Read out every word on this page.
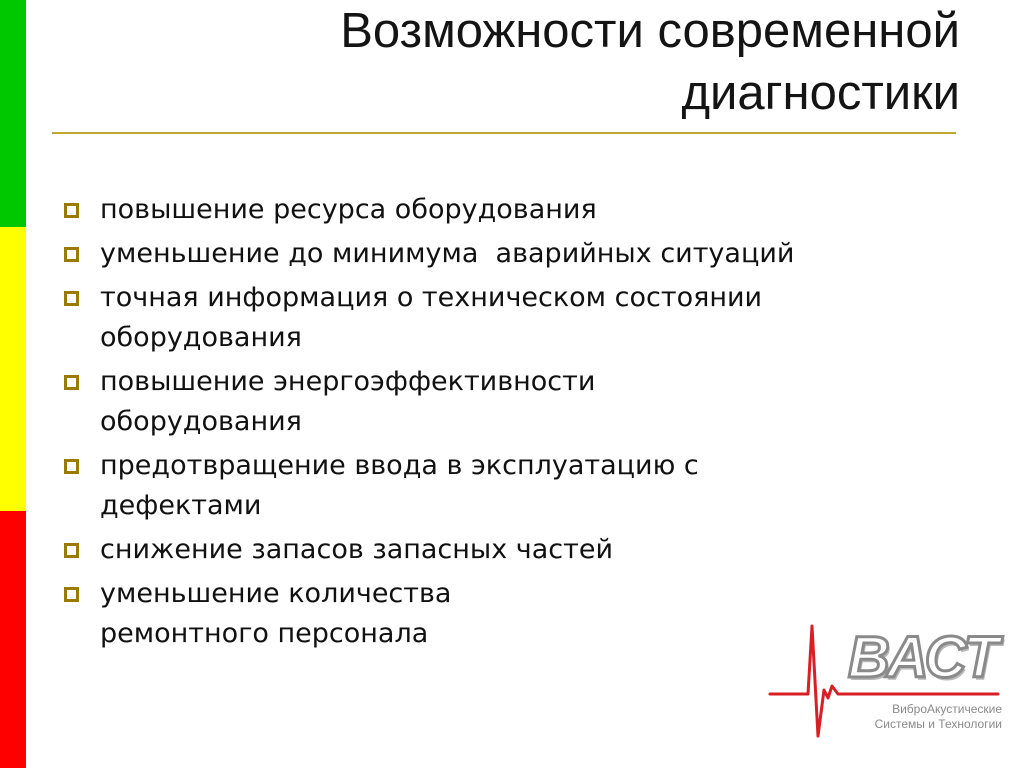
Возможности современной
диагностики
повышение ресурса оборудования
уменьшение до минимума  аварийных ситуаций
точная информация о техническом состоянии
оборудования
повышение энергоэффективности
оборудования
предотвращение ввода в эксплуатацию с
дефектами
снижение запасов запасных частей
уменьшение количества
ремонтного персонала	ВАСТ
ВиброАкустические
Системы и Технологии
